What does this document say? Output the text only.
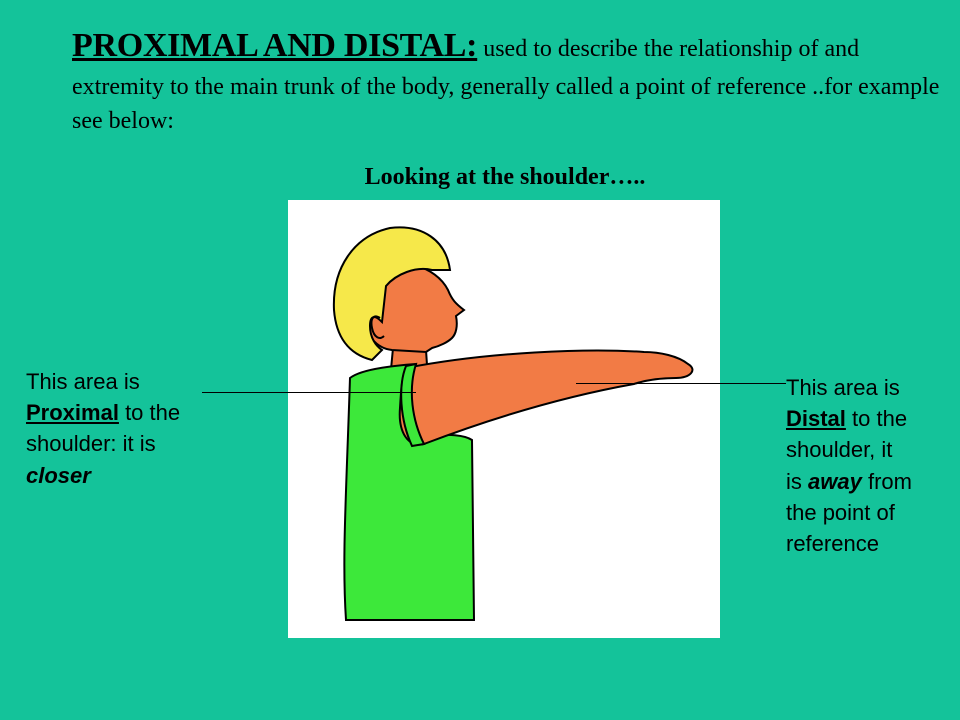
PROXIMAL AND DISTAL: used to describe the relationship of and extremity to the main trunk of the body, generally called a point of reference ..for example see below:
Looking at the shoulder…..
This area is
Proximal to the
shoulder: it is
closer
This area is
Distal to the
shoulder, it
is away from
the point of
reference
